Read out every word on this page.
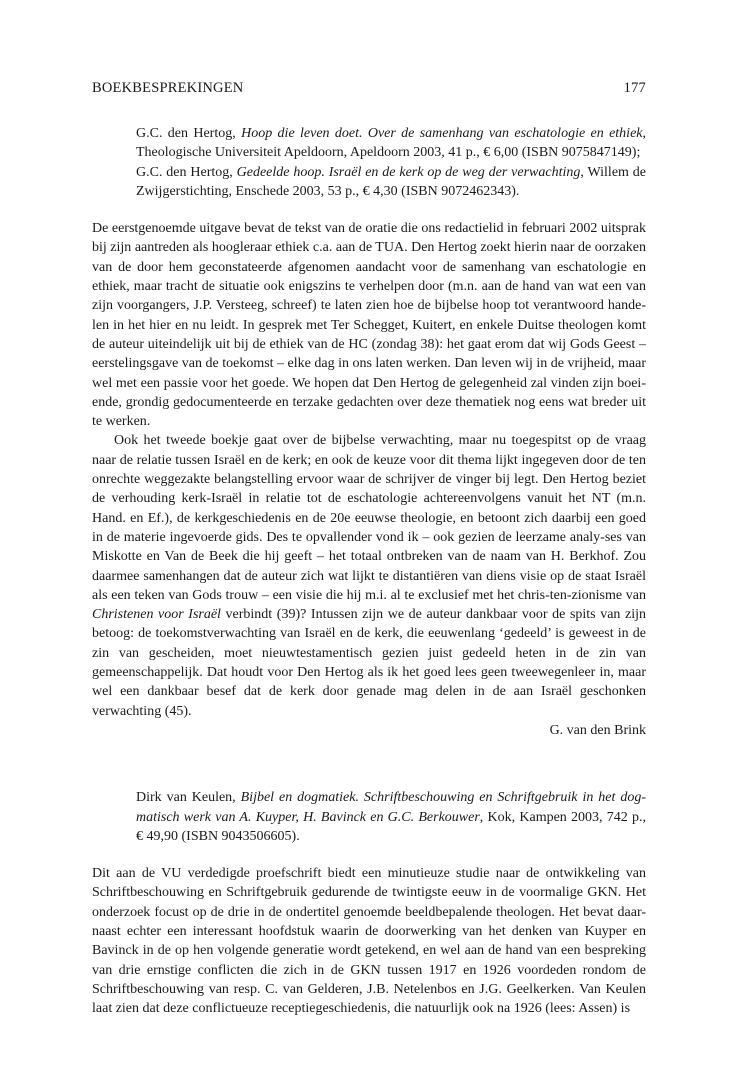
BOEKBESPREKINGEN	177
G.C. den Hertog, Hoop die leven doet. Over de samenhang van eschatologie en ethiek, Theologische Universiteit Apeldoorn, Apeldoorn 2003, 41 p., € 6,00 (ISBN 9075847149);
G.C. den Hertog, Gedeelde hoop. Israël en de kerk op de weg der verwachting, Willem de Zwijgerstichting, Enschede 2003, 53 p., € 4,30 (ISBN 9072462343).

De eerstgenoemde uitgave bevat de tekst van de oratie die ons redactielid in februari 2002 uitsprak bij zijn aantreden als hoogleraar ethiek c.a. aan de TUA. Den Hertog zoekt hierin naar de oorzaken van de door hem geconstateerde afgenomen aandacht voor de samenhang van eschatologie en ethiek, maar tracht de situatie ook enigszins te verhelpen door (m.n. aan de hand van wat een van zijn voorgangers, J.P. Versteeg, schreef) te laten zien hoe de bijbelse hoop tot verantwoord hande-len in het hier en nu leidt. In gesprek met Ter Schegget, Kuitert, en enkele Duitse theologen komt de auteur uiteindelijk uit bij de ethiek van de HC (zondag 38): het gaat erom dat wij Gods Geest – eerstelingsgave van de toekomst – elke dag in ons laten werken. Dan leven wij in de vrijheid, maar wel met een passie voor het goede. We hopen dat Den Hertog de gelegenheid zal vinden zijn boei-ende, grondig gedocumenteerde en terzake gedachten over deze thematiek nog eens wat breder uit te werken.

Ook het tweede boekje gaat over de bijbelse verwachting, maar nu toegespitst op de vraag naar de relatie tussen Israël en de kerk; en ook de keuze voor dit thema lijkt ingegeven door de ten onrechte weggezakte belangstelling ervoor waar de schrijver de vinger bij legt. Den Hertog beziet de verhouding kerk-Israël in relatie tot de eschatologie achtereenvolgens vanuit het NT (m.n. Hand. en Ef.), de kerkgeschiedenis en de 20e eeuwse theologie, en betoont zich daarbij een goed in de materie ingevoerde gids. Des te opvallender vond ik – ook gezien de leerzame analy-ses van Miskotte en Van de Beek die hij geeft – het totaal ontbreken van de naam van H. Berkhof. Zou daarmee samenhangen dat de auteur zich wat lijkt te distantiëren van diens visie op de staat Israël als een teken van Gods trouw – een visie die hij m.i. al te exclusief met het chris-ten-zionisme van Christenen voor Israël verbindt (39)? Intussen zijn we de auteur dankbaar voor de spits van zijn betoog: de toekomstverwachting van Israël en de kerk, die eeuwenlang ‘gedeeld’ is geweest in de zin van gescheiden, moet nieuwtestamentisch gezien juist gedeeld heten in de zin van gemeenschappelijk. Dat houdt voor Den Hertog als ik het goed lees geen tweewegenleer in, maar wel een dankbaar besef dat de kerk door genade mag delen in de aan Israël geschonken verwachting (45).

G. van den Brink

Dirk van Keulen, Bijbel en dogmatiek. Schriftbeschouwing en Schriftgebruik in het dog-matisch werk van A. Kuyper, H. Bavinck en G.C. Berkouwer, Kok, Kampen 2003, 742 p., € 49,90 (ISBN 9043506605).

Dit aan de VU verdedigde proefschrift biedt een minutieuze studie naar de ontwikkeling van Schriftbeschouwing en Schriftgebruik gedurende de twintigste eeuw in de voormalige GKN. Het onderzoek focust op de drie in de ondertitel genoemde beeldbepalende theologen. Het bevat daar-naast echter een interessant hoofdstuk waarin de doorwerking van het denken van Kuyper en Bavinck in de op hen volgende generatie wordt getekend, en wel aan de hand van een bespreking van drie ernstige conflicten die zich in de GKN tussen 1917 en 1926 voordeden rondom de Schriftbeschouwing van resp. C. van Gelderen, J.B. Netelenbos en J.G. Geelkerken. Van Keulen laat zien dat deze conflictueuze receptiegeschiedenis, die natuurlijk ook na 1926 (lees: Assen) is
